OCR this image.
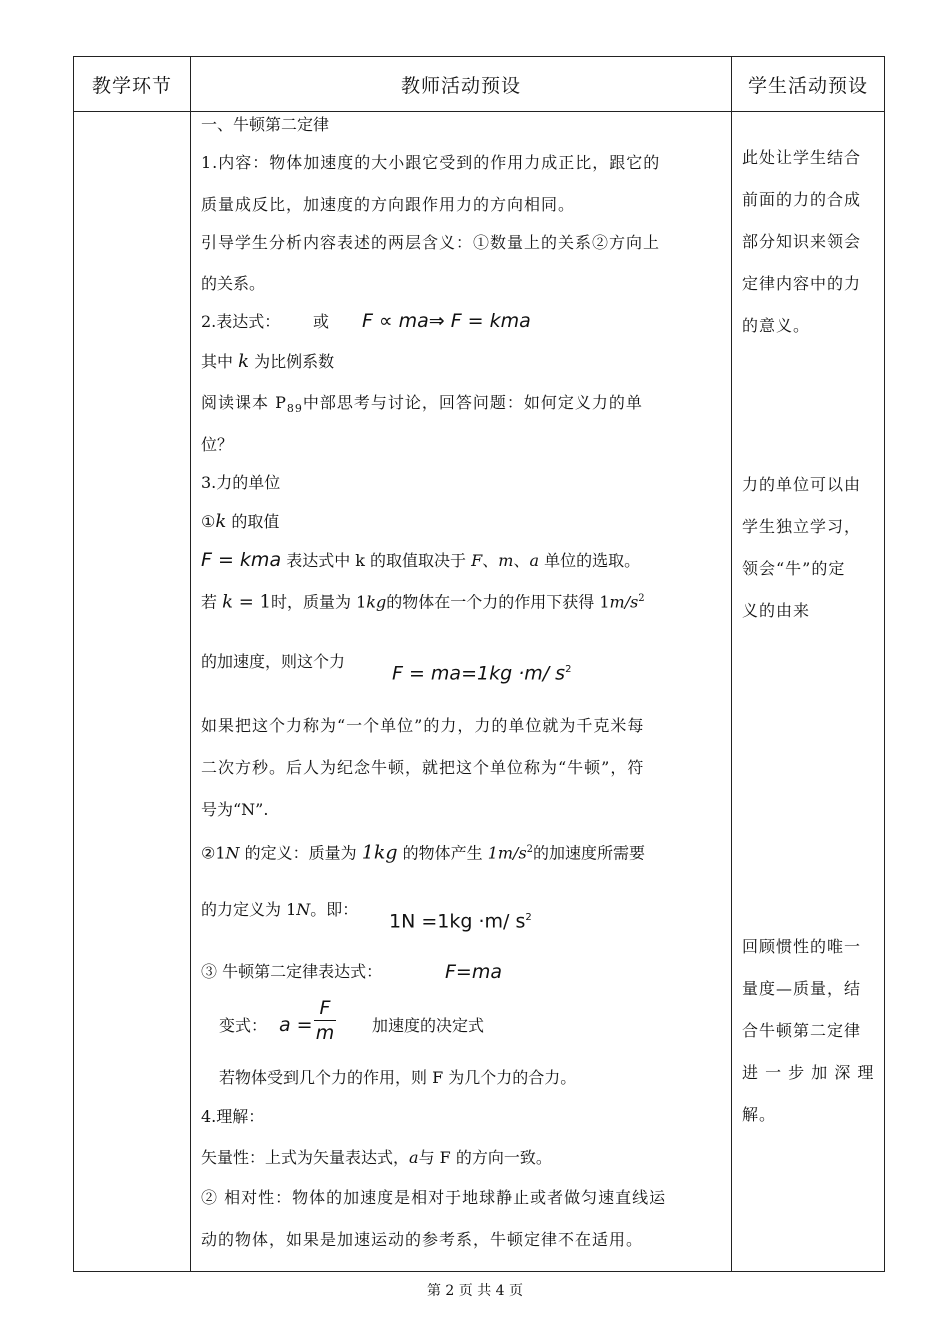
教学环节	教师活动预设	学生活动预设
一、牛顿第二定律
1.内容：物体加速度的大小跟它受到的作用力成正比，跟它的
质量成反比，加速度的方向跟作用力的方向相同。
引导学生分析内容表述的两层含义：①数量上的关系②方向上
的关系。
2.表达式： 或 F ∝ ma⇒ F = kma
其中 k 为比例系数
阅读课本 $P_{89}$中部思考与讨论，回答问题：如何定义力的单
位？
3.力的单位
①k 的取值
F = kma 表达式中 k 的取值取决于 F、m、a 单位的选取。
若 k = 1时，质量为 1kg的物体在一个力的作用下获得 $1m/s^2$
的加速度，则这个力
F = ma=1kg ·m/ $s^2$
如果把这个力称为“一个单位”的力，力的单位就为千克米每
二次方秒。后人为纪念牛顿，就把这个单位称为“牛顿”，符
号为“N”.
②1N 的定义：质量为 1kg 的物体产生 $1m/s^2$的加速度所需要
的力定义为 1N。即：
1N =1kg ·m/ $s^2$
③ 牛顿第二定律表达式：	F=ma
变式： a =
F
m 加速度的决定式
若物体受到几个力的作用，则 F 为几个力的合力。
4.理解：
矢量性：上式为矢量表达式，a与 F 的方向一致。
② 相对性：物体的加速度是相对于地球静止或者做匀速直线运
动的物体，如果是加速运动的参考系，牛顿定律不在适用。
此处让学生结合
前面的力的合成
部分知识来领会
定律内容中的力
的意义。
力的单位可以由
学生独立学习，
领会“牛”的定
义的由来
回顾惯性的唯一
量度—质量，结
合牛顿第二定律
进 一 步 加 深 理
解。
第 2 页 共 4 页
